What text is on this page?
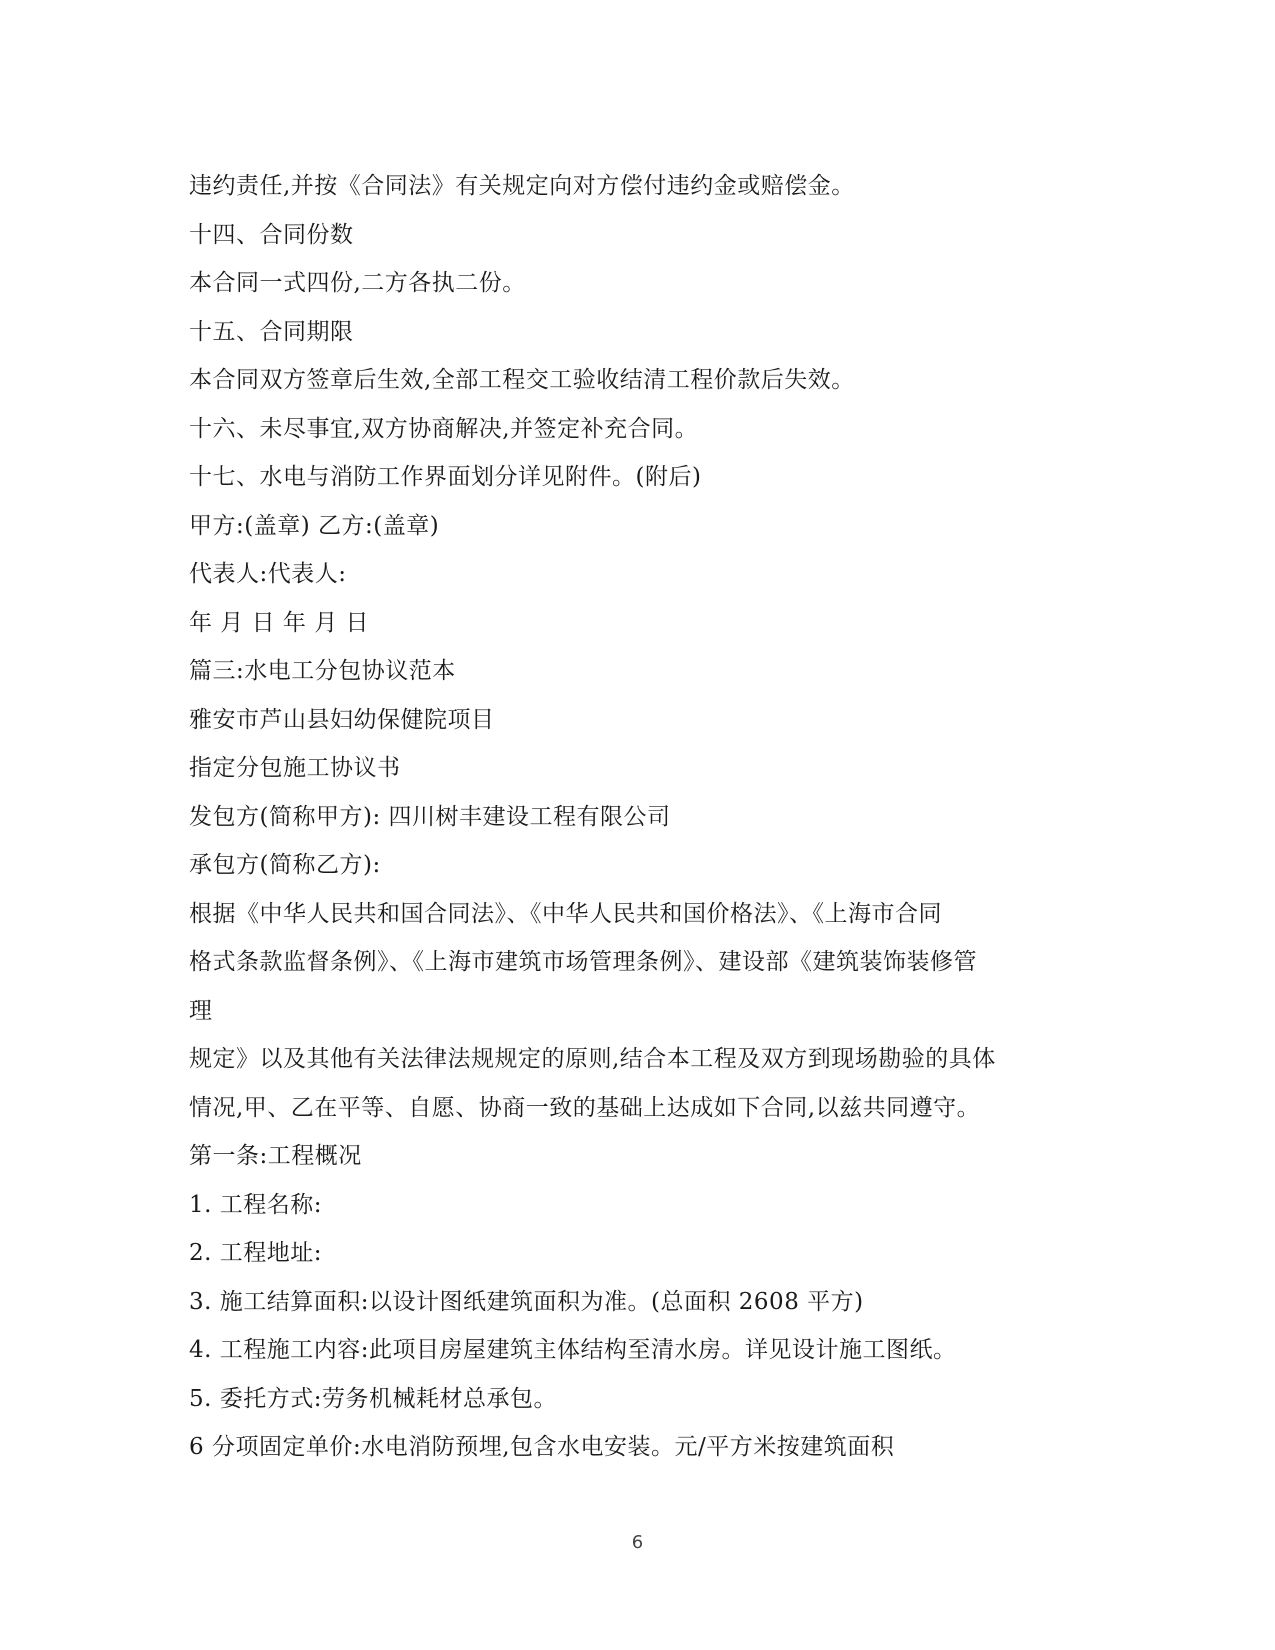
违约责任,并按《合同法》有关规定向对方偿付违约金或赔偿金。
十四、合同份数
本合同一式四份,二方各执二份。
十五、合同期限
本合同双方签章后生效,全部工程交工验收结清工程价款后失效。
十六、未尽事宜,双方协商解决,并签定补充合同。
十七、水电与消防工作界面划分详见附件。(附后)
甲方:(盖章) 乙方:(盖章)
代表人:代表人:
年 月 日 年 月 日
篇三:水电工分包协议范本
雅安市芦山县妇幼保健院项目
指定分包施工协议书
发包方(简称甲方): 四川树丰建设工程有限公司
承包方(简称乙方):
根据《中华人民共和国合同法》、《中华人民共和国价格法》、《上海市合同
格式条款监督条例》、《上海市建筑市场管理条例》、建设部《建筑装饰装修管
理
规定》以及其他有关法律法规规定的原则,结合本工程及双方到现场勘验的具体
情况,甲、乙在平等、自愿、协商一致的基础上达成如下合同,以兹共同遵守。
第一条:工程概况
1. 工程名称:
2. 工程地址:
3. 施工结算面积:以设计图纸建筑面积为准。(总面积 2608 平方)
4. 工程施工内容:此项目房屋建筑主体结构至清水房。详见设计施工图纸。
5. 委托方式:劳务机械耗材总承包。
6 分项固定单价:水电消防预埋,包含水电安装。元/平方米按建筑面积
6
